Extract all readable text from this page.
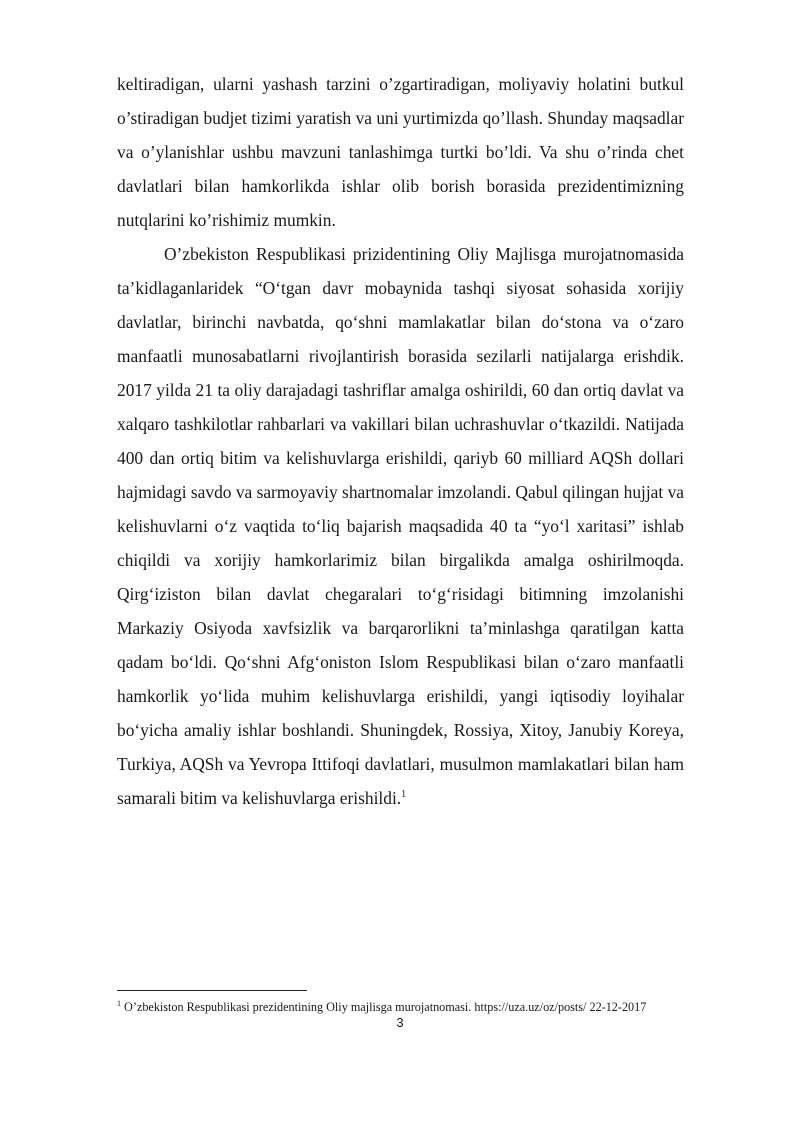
keltiradigan, ularni yashash tarzini o’zgartiradigan, moliyaviy holatini butkul o’stiradigan budjet tizimi yaratish va uni yurtimizda qo’llash. Shunday maqsadlar va o’ylanishlar ushbu mavzuni tanlashimga turtki bo’ldi. Va shu o’rinda chet davlatlari bilan hamkorlikda ishlar olib borish borasida prezidentimizning nutqlarini ko’rishimiz mumkin.

O’zbekiston Respublikasi prizidentining Oliy Majlisga murojatnomasida ta’kidlaganlaridek “O‘tgan davr mobaynida tashqi siyosat sohasida xorijiy davlatlar, birinchi navbatda, qo‘shni mamlakatlar bilan do‘stona va o‘zaro manfaatli munosabatlarni rivojlantirish borasida sezilarli natijalarga erishdik. 2017 yilda 21 ta oliy darajadagi tashriflar amalga oshirildi, 60 dan ortiq davlat va xalqaro tashkilotlar rahbarlari va vakillari bilan uchrashuvlar o‘tkazildi. Natijada 400 dan ortiq bitim va kelishuvlarga erishildi, qariyb 60 milliard AQSh dollari hajmidagi savdo va sarmoyaviy shartnomalar imzolandi. Qabul qilingan hujjat va kelishuvlarni o‘z vaqtida to‘liq bajarish maqsadida 40 ta “yo‘l xaritasi” ishlab chiqildi va xorijiy hamkorlarimiz bilan birgalikda amalga oshirilmoqda. Qirg‘iziston bilan davlat chegaralari to‘g‘risidagi bitimning imzolanishi Markaziy Osiyoda xavfsizlik va barqarorlikni ta’minlashga qaratilgan katta qadam bo‘ldi. Qo‘shni Afg‘oniston Islom Respublikasi bilan o‘zaro manfaatli hamkorlik yo‘lida muhim kelishuvlarga erishildi, yangi iqtisodiy loyihalar bo‘yicha amaliy ishlar boshlandi. Shuningdek, Rossiya, Xitoy, Janubiy Koreya, Turkiya, AQSh va Yevropa Ittifoqi davlatlari, musulmon mamlakatlari bilan ham samarali bitim va kelishuvlarga erishildi.$^1$

$^1$ O’zbekiston Respublikasi prezidentining Oliy majlisga murojatnomasi. https://uza.uz/oz/posts/ 22-12-2017
3
